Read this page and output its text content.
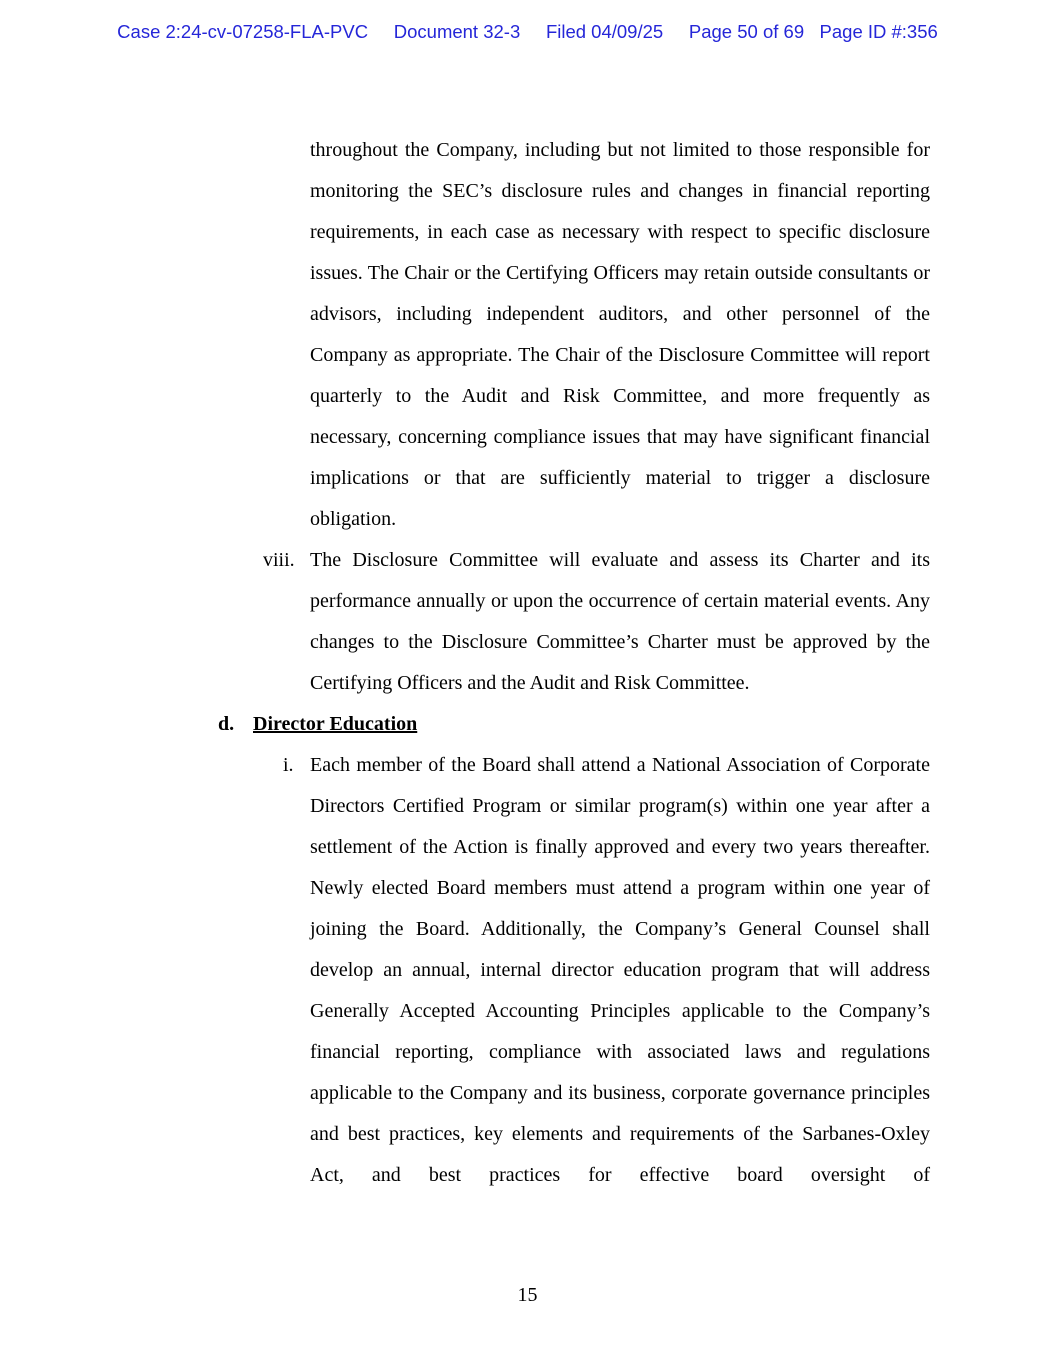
Case 2:24-cv-07258-FLA-PVC     Document 32-3     Filed 04/09/25     Page 50 of 69   Page ID #:356

throughout the Company, including but not limited to those responsible for monitoring the SEC’s disclosure rules and changes in financial reporting requirements, in each case as necessary with respect to specific disclosure issues. The Chair or the Certifying Officers may retain outside consultants or advisors, including independent auditors, and other personnel of the Company as appropriate. The Chair of the Disclosure Committee will report quarterly to the Audit and Risk Committee, and more frequently as necessary, concerning compliance issues that may have significant financial implications or that are sufficiently material to trigger a disclosure obligation.

viii. The Disclosure Committee will evaluate and assess its Charter and its performance annually or upon the occurrence of certain material events. Any changes to the Disclosure Committee’s Charter must be approved by the Certifying Officers and the Audit and Risk Committee.
d. Director Education
i. Each member of the Board shall attend a National Association of Corporate Directors Certified Program or similar program(s) within one year after a settlement of the Action is finally approved and every two years thereafter. Newly elected Board members must attend a program within one year of joining the Board. Additionally, the Company’s General Counsel shall develop an annual, internal director education program that will address Generally Accepted Accounting Principles applicable to the Company’s financial reporting, compliance with associated laws and regulations applicable to the Company and its business, corporate governance principles and best practices, key elements and requirements of the Sarbanes-Oxley Act, and best practices for effective board oversight of
15
